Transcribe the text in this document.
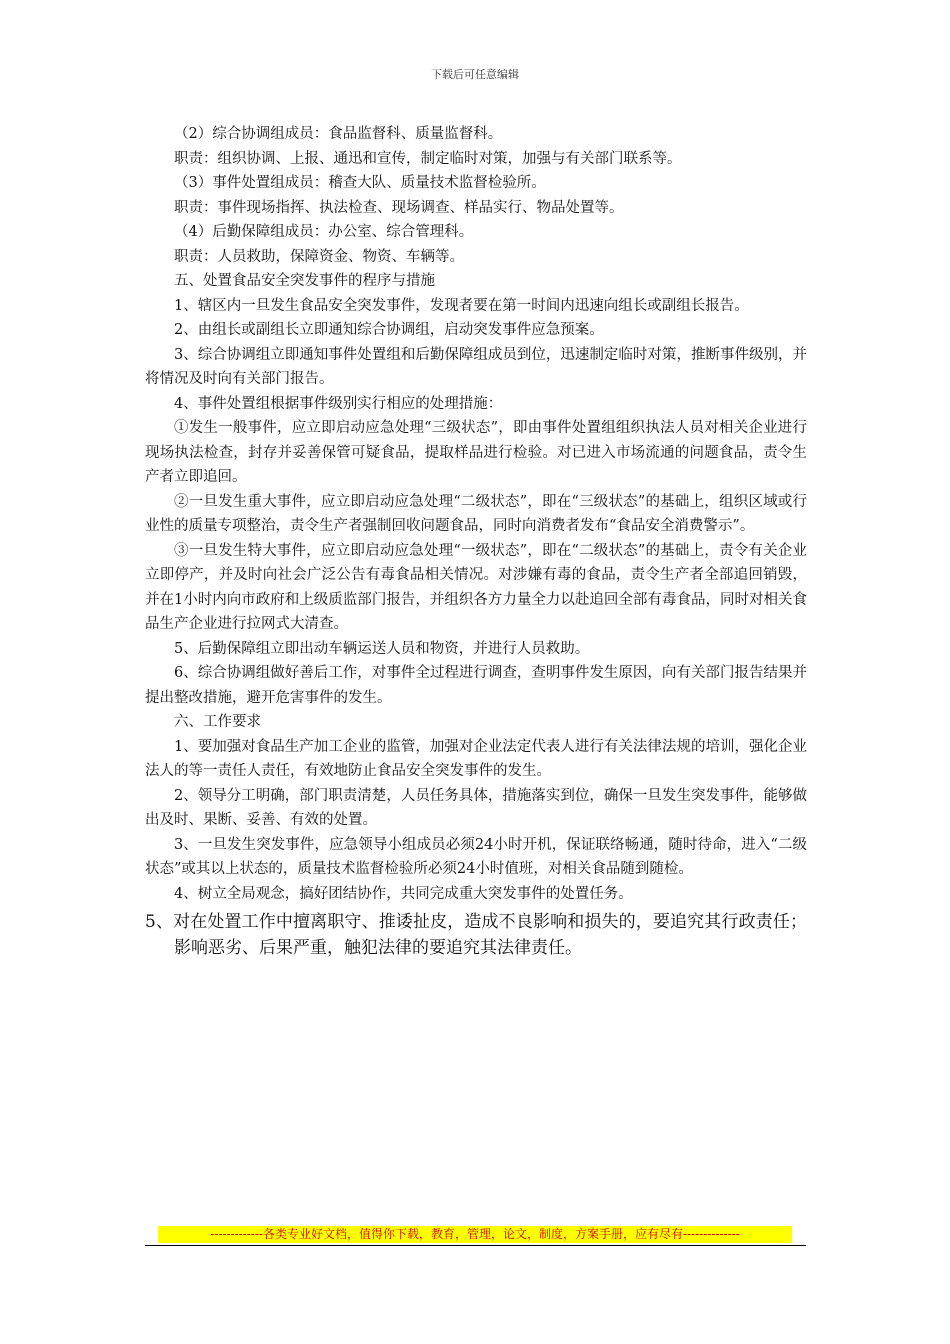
下载后可任意编辑

（2）综合协调组成员：食品监督科、质量监督科。

职责：组织协调、上报、通迅和宣传，制定临时对策，加强与有关部门联系等。

（3）事件处置组成员：稽查大队、质量技术监督检验所。

职责：事件现场指挥、执法检查、现场调查、样品实行、物品处置等。

（4）后勤保障组成员：办公室、综合管理科。

职责：人员救助，保障资金、物资、车辆等。

五、处置食品安全突发事件的程序与措施

1、辖区内一旦发生食品安全突发事件，发现者要在第一时间内迅速向组长或副组长报告。

2、由组长或副组长立即通知综合协调组，启动突发事件应急预案。

3、综合协调组立即通知事件处置组和后勤保障组成员到位，迅速制定临时对策，推断事件级别，并将情况及时向有关部门报告。

4、事件处置组根据事件级别实行相应的处理措施：

①发生一般事件，应立即启动应急处理“三级状态”，即由事件处置组组织执法人员对相关企业进行现场执法检查，封存并妥善保管可疑食品，提取样品进行检验。对已进入市场流通的问题食品，责令生产者立即追回。

②一旦发生重大事件，应立即启动应急处理“二级状态”，即在“三级状态”的基础上，组织区域或行业性的质量专项整治，责令生产者强制回收问题食品，同时向消费者发布“食品安全消费警示”。

③一旦发生特大事件，应立即启动应急处理“一级状态”，即在“二级状态”的基础上，责令有关企业立即停产，并及时向社会广泛公告有毒食品相关情况。对涉嫌有毒的食品，责令生产者全部追回销毁，并在1小时内向市政府和上级质监部门报告，并组织各方力量全力以赴追回全部有毒食品，同时对相关食品生产企业进行拉网式大清查。

5、后勤保障组立即出动车辆运送人员和物资，并进行人员救助。

6、综合协调组做好善后工作，对事件全过程进行调查，查明事件发生原因，向有关部门报告结果并提出整改措施，避开危害事件的发生。

六、工作要求

1、要加强对食品生产加工企业的监管，加强对企业法定代表人进行有关法律法规的培训，强化企业法人的等一责任人责任，有效地防止食品安全突发事件的发生。

2、领导分工明确，部门职责清楚，人员任务具体，措施落实到位，确保一旦发生突发事件，能够做出及时、果断、妥善、有效的处置。

3、一旦发生突发事件，应急领导小组成员必须24小时开机，保证联络畅通，随时待命，进入“二级状态”或其以上状态的，质量技术监督检验所必须24小时值班，对相关食品随到随检。

4、树立全局观念，搞好团结协作，共同完成重大突发事件的处置任务。

5、对在处置工作中擅离职守、推诿扯皮，造成不良影响和损失的，要追究其行政责任；影响恶劣、后果严重，触犯法律的要追究其法律责任。

-------------各类专业好文档，值得你下载，教育，管理，论文，制度，方案手册，应有尽有--------------
